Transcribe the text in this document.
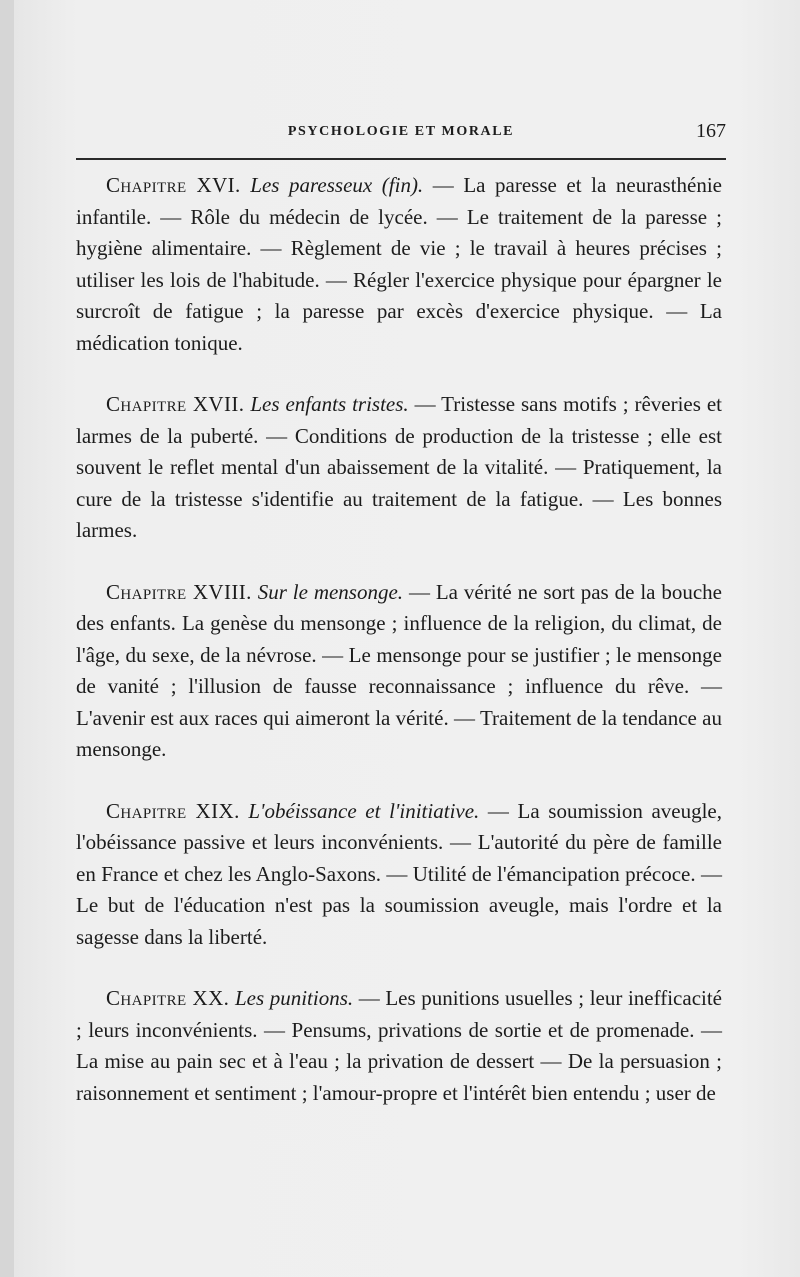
PSYCHOLOGIE ET MORALE	167

Chapitre XVI. Les paresseux (fin). — La paresse et la neurasthénie infantile. — Rôle du médecin de lycée. — Le traitement de la paresse ; hygiène alimentaire. — Règlement de vie ; le travail à heures précises ; utiliser les lois de l'habitude. — Régler l'exercice physique pour épargner le surcroît de fatigue ; la paresse par excès d'exercice physique. — La médication tonique.

Chapitre XVII. Les enfants tristes. — Tristesse sans motifs ; rêveries et larmes de la puberté. — Conditions de production de la tristesse ; elle est souvent le reflet mental d'un abaissement de la vitalité. — Pratiquement, la cure de la tristesse s'identifie au traitement de la fatigue. — Les bonnes larmes.

Chapitre XVIII. Sur le mensonge. — La vérité ne sort pas de la bouche des enfants. La genèse du mensonge ; influence de la religion, du climat, de l'âge, du sexe, de la névrose. — Le mensonge pour se justifier ; le mensonge de vanité ; l'illusion de fausse reconnaissance ; influence du rêve. — L'avenir est aux races qui aimeront la vérité. — Traitement de la tendance au mensonge.

Chapitre XIX. L'obéissance et l'initiative. — La soumission aveugle, l'obéissance passive et leurs inconvénients. — L'autorité du père de famille en France et chez les Anglo-Saxons. — Utilité de l'émancipation précoce. — Le but de l'éducation n'est pas la soumission aveugle, mais l'ordre et la sagesse dans la liberté.

Chapitre XX. Les punitions. — Les punitions usuelles ; leur inefficacité ; leurs inconvénients. — Pensums, privations de sortie et de promenade. — La mise au pain sec et à l'eau ; la privation de dessert — De la persuasion ; raisonnement et sentiment ; l'amour-propre et l'intérêt bien entendu ; user de
